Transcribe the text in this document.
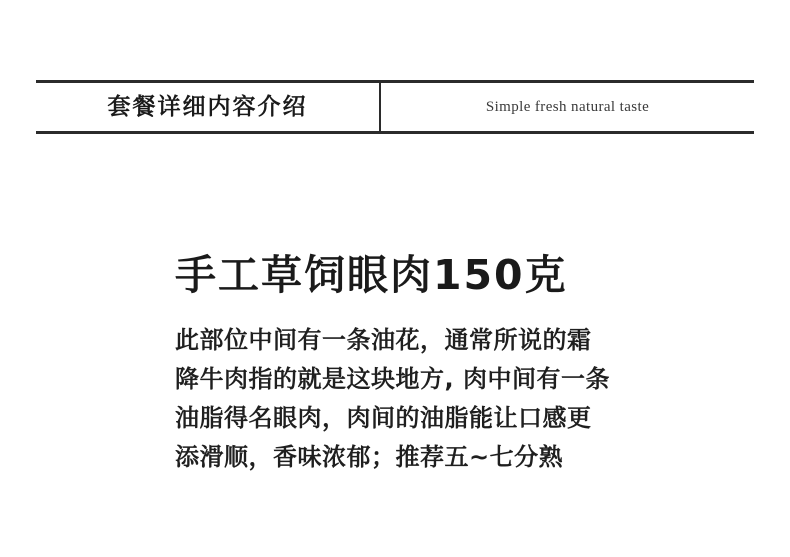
套餐详细内容介绍	Simple fresh natural taste
手工草饲眼肉150克

此部位中间有一条油花，通常所说的霜降牛肉指的就是这块地方, 肉中间有一条油脂得名眼肉，肉间的油脂能让口感更添滑顺，香味浓郁；推荐五~七分熟
